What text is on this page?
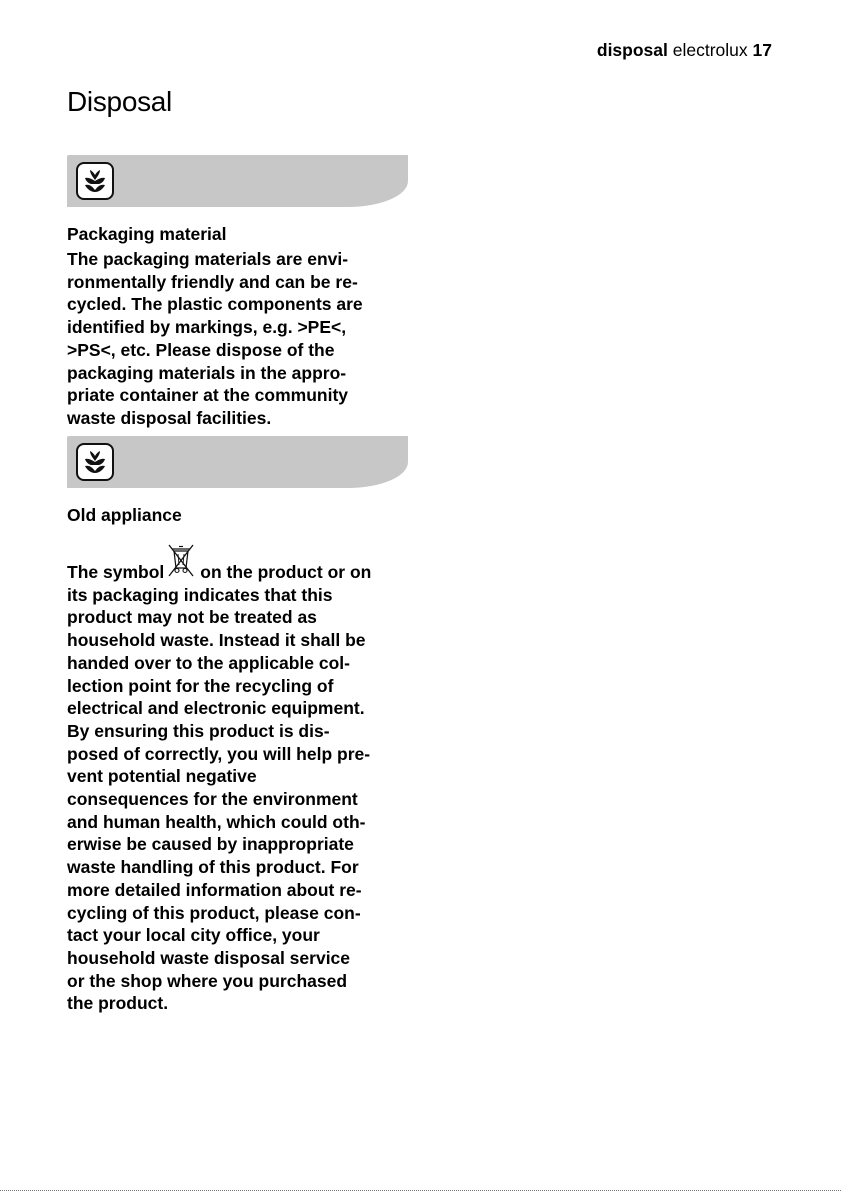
disposal electrolux 17
Disposal
Packaging material

The packaging materials are envi-
ronmentally friendly and can be re-
cycled. The plastic components are
identified by markings, e.g. >PE<,
>PS<, etc. Please dispose of the
packaging materials in the appro-
priate container at the community
waste disposal facilities.

Old appliance

The symbol on the product or on
its packaging indicates that this
product may not be treated as
household waste. Instead it shall be
handed over to the applicable col-
lection point for the recycling of
electrical and electronic equipment.
By ensuring this product is dis-
posed of correctly, you will help pre-
vent potential negative
consequences for the environment
and human health, which could oth-
erwise be caused by inappropriate
waste handling of this product. For
more detailed information about re-
cycling of this product, please con-
tact your local city office, your
household waste disposal service
or the shop where you purchased
the product.
